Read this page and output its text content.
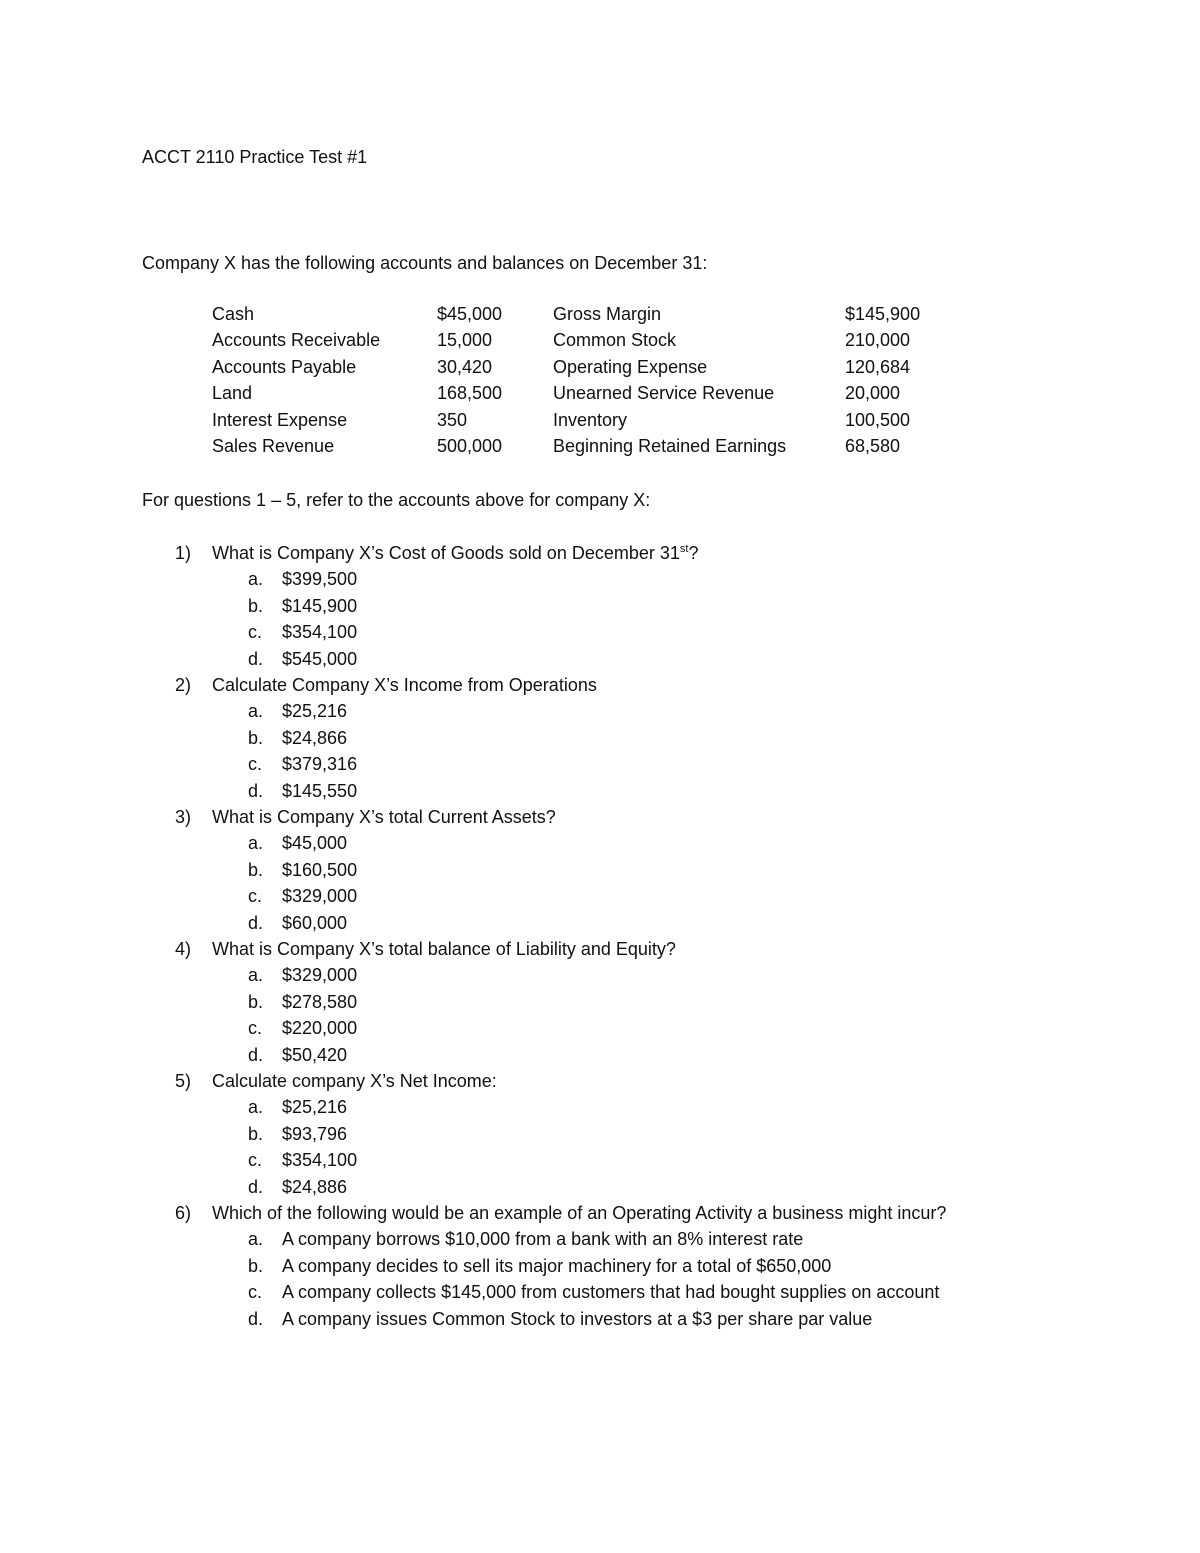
ACCT 2110 Practice Test #1
Company X has the following accounts and balances on December 31:
Cash	$45,000	Gross Margin	$145,900
Accounts Receivable	15,000	Common Stock	210,000
Accounts Payable	30,420	Operating Expense	120,684
Land	168,500	Unearned Service Revenue	20,000
Interest Expense	350	Inventory	100,500
Sales Revenue	500,000	Beginning Retained Earnings	68,580
For questions 1 – 5, refer to the accounts above for company X:
1)	What is Company X’s Cost of Goods sold on December 31st?
a. $399,500
b. $145,900
c. $354,100
d. $545,000
2)	Calculate Company X’s Income from Operations
a. $25,216
b. $24,866
c. $379,316
d. $145,550
3)	What is Company X’s total Current Assets?
a. $45,000
b. $160,500
c. $329,000
d. $60,000
4)	What is Company X’s total balance of Liability and Equity?
a. $329,000
b. $278,580
c. $220,000
d. $50,420
5)	Calculate company X’s Net Income:
a. $25,216
b. $93,796
c. $354,100
d. $24,886
6)	Which of the following would be an example of an Operating Activity a business might incur?
a. A company borrows $10,000 from a bank with an 8% interest rate
b. A company decides to sell its major machinery for a total of $650,000
c. A company collects $145,000 from customers that had bought supplies on account
d. A company issues Common Stock to investors at a $3 per share par value
